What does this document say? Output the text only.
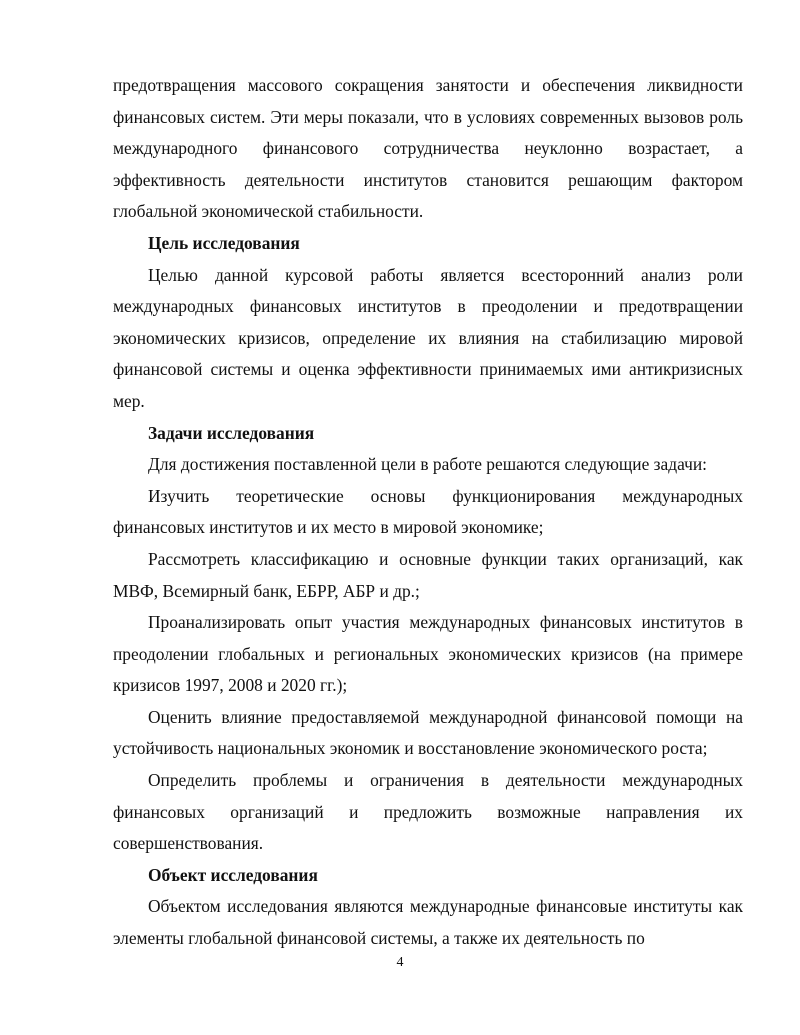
предотвращения массового сокращения занятости и обеспечения ликвидности финансовых систем. Эти меры показали, что в условиях современных вызовов роль международного финансового сотрудничества неуклонно возрастает, а эффективность деятельности институтов становится решающим фактором глобальной экономической стабильности.

Цель исследования

Целью данной курсовой работы является всесторонний анализ роли международных финансовых институтов в преодолении и предотвращении экономических кризисов, определение их влияния на стабилизацию мировой финансовой системы и оценка эффективности принимаемых ими антикризисных мер.

Задачи исследования

Для достижения поставленной цели в работе решаются следующие задачи:

Изучить теоретические основы функционирования международных финансовых институтов и их место в мировой экономике;

Рассмотреть классификацию и основные функции таких организаций, как МВФ, Всемирный банк, ЕБРР, АБР и др.;

Проанализировать опыт участия международных финансовых институтов в преодолении глобальных и региональных экономических кризисов (на примере кризисов 1997, 2008 и 2020 гг.);

Оценить влияние предоставляемой международной финансовой помощи на устойчивость национальных экономик и восстановление экономического роста;

Определить проблемы и ограничения в деятельности международных финансовых организаций и предложить возможные направления их совершенствования.

Объект исследования

Объектом исследования являются международные финансовые институты как элементы глобальной финансовой системы, а также их деятельность по

4
